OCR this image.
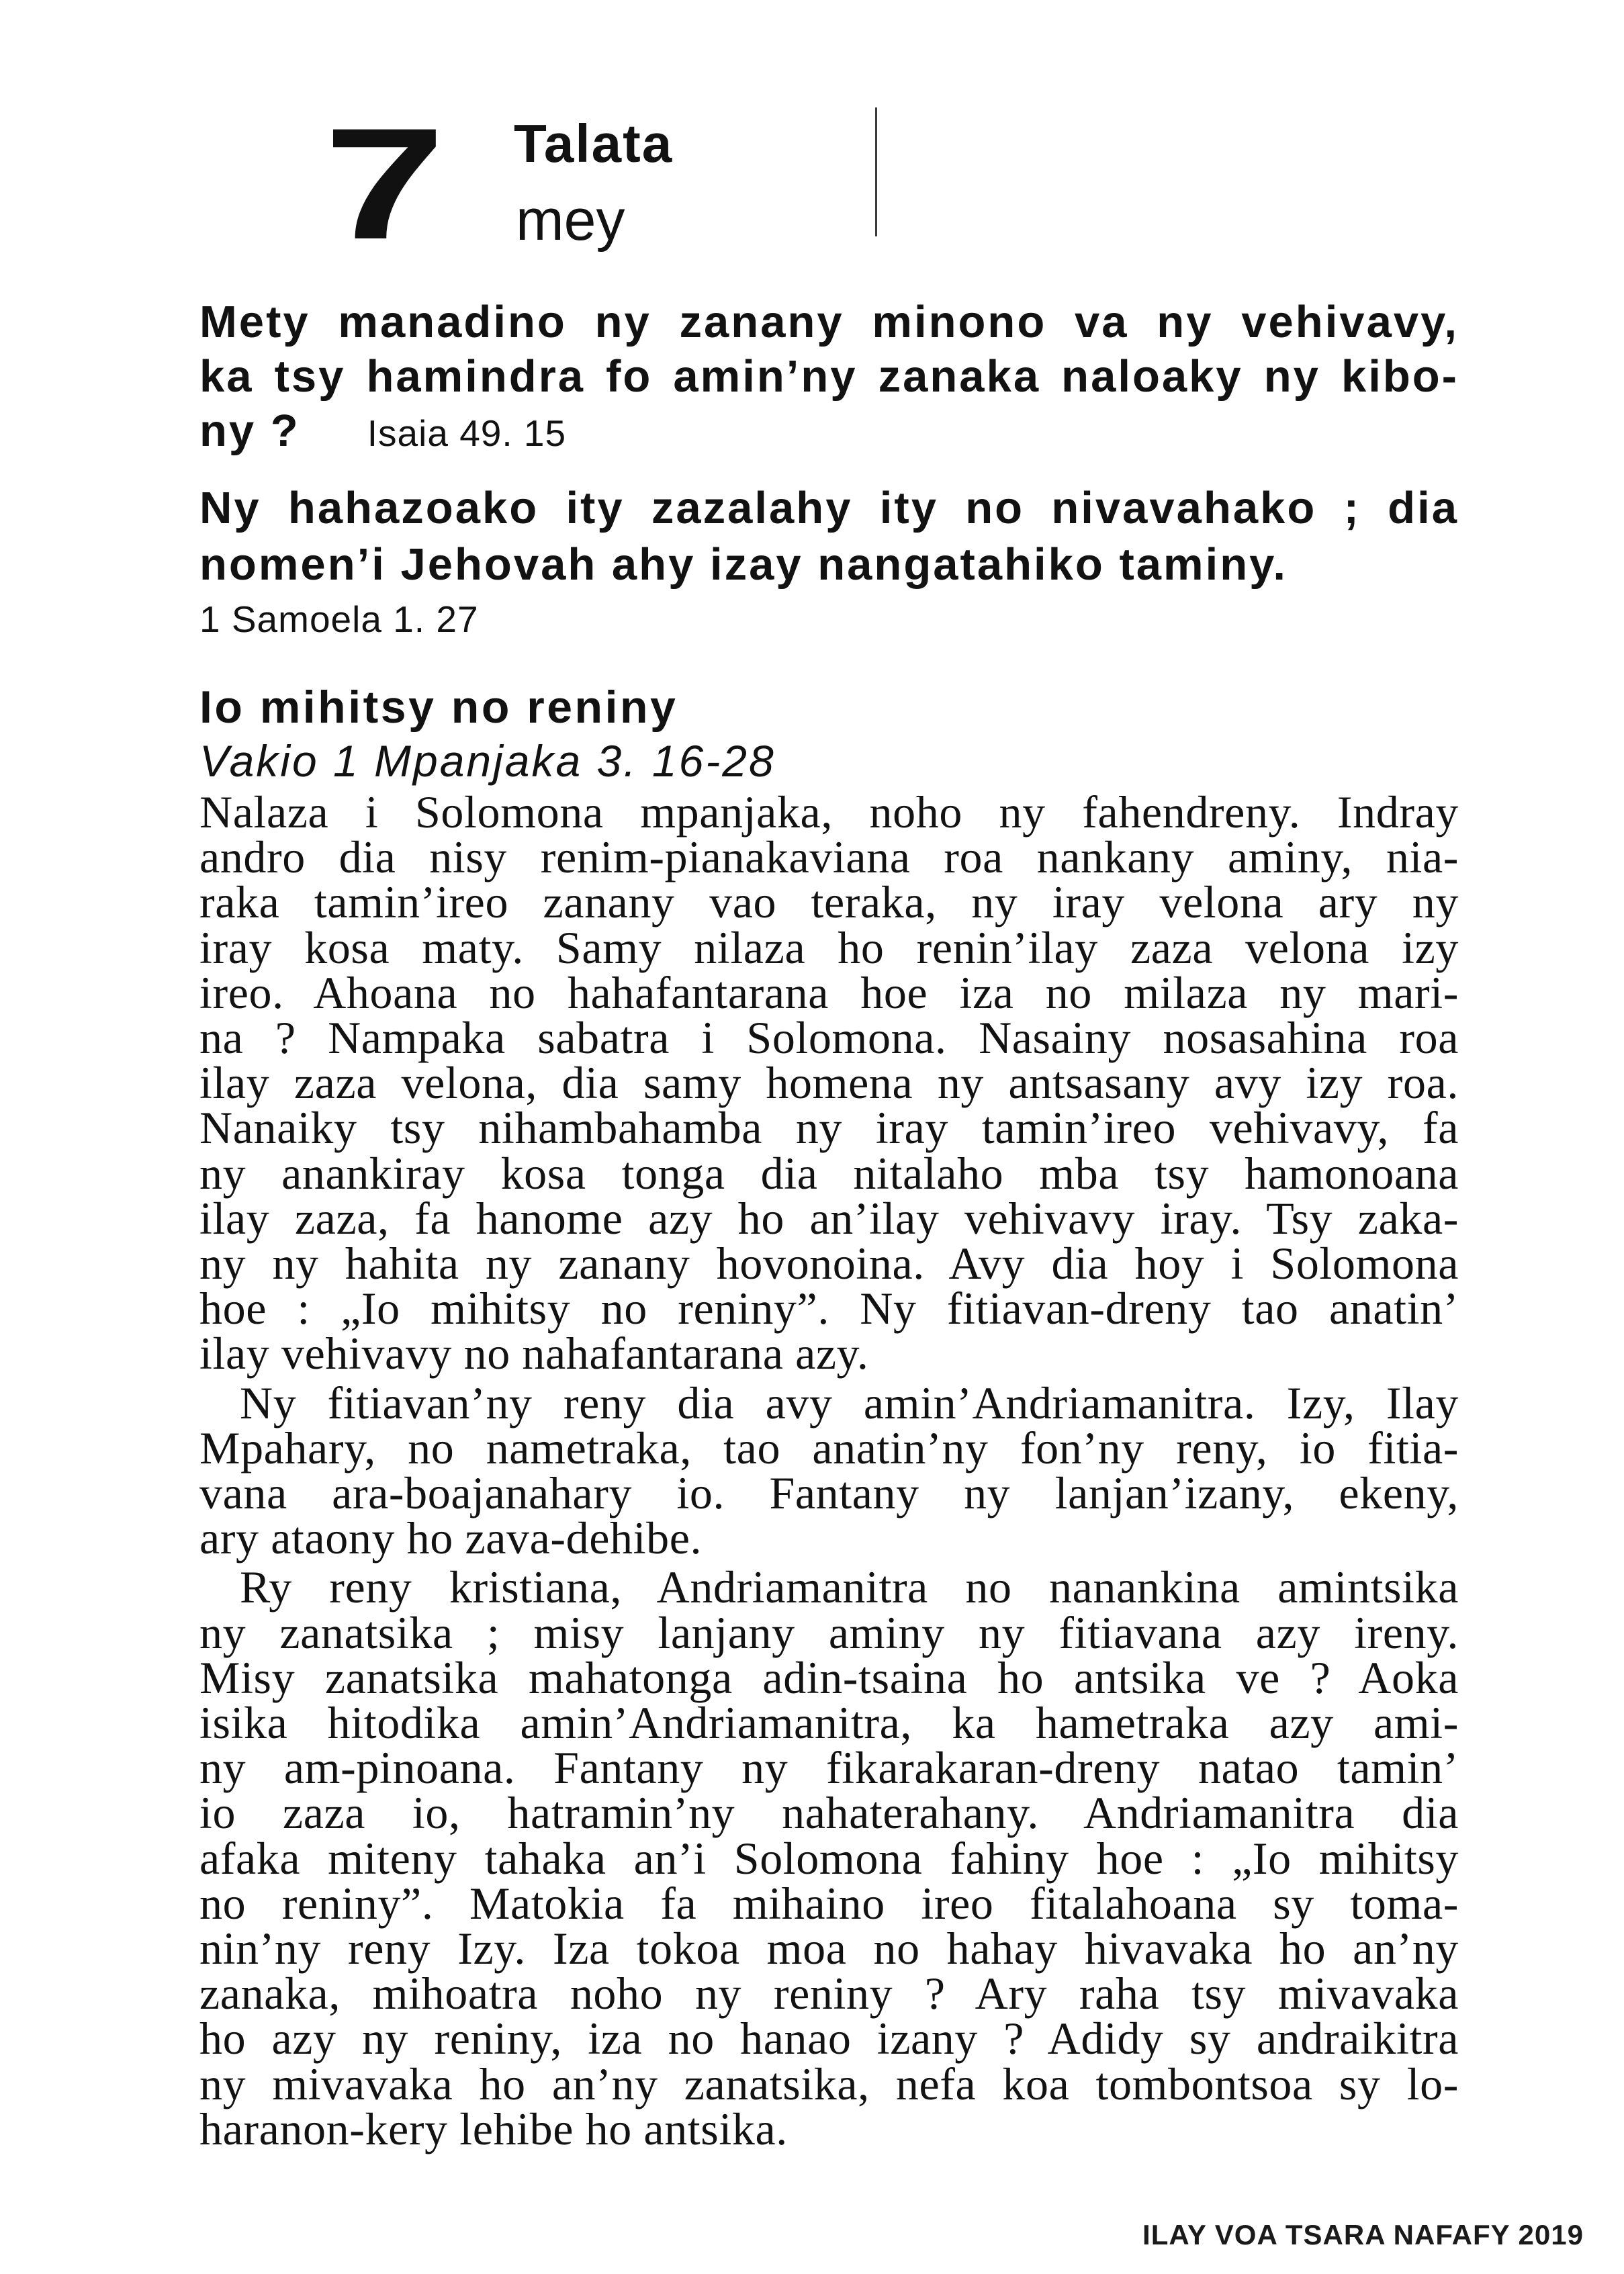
7 Talata
mey
Mety manadino ny zanany minono va ny vehivavy,
ka tsy hamindra fo amin’ny zanaka naloaky ny kibo-
ny ? Isaia 49. 15
Ny hahazoako ity zazalahy ity no nivavahako ; dia
nomen’i Jehovah ahy izay nangatahiko taminy.
1 Samoela 1. 27
Io mihitsy no reniny
Vakio 1 Mpanjaka 3. 16-28
Nalaza i Solomona mpanjaka, noho ny fahendreny. Indray
andro dia nisy renim-pianakaviana roa nankany aminy, nia-
raka tamin’ireo zanany vao teraka, ny iray velona ary ny
iray kosa maty. Samy nilaza ho renin’ilay zaza velona izy
ireo. Ahoana no hahafantarana hoe iza no milaza ny mari-
na ? Nampaka sabatra i Solomona. Nasainy nosasahina roa
ilay zaza velona, dia samy homena ny antsasany avy izy roa.
Nanaiky tsy nihambahamba ny iray tamin’ireo vehivavy, fa
ny anankiray kosa tonga dia nitalaho mba tsy hamonoana
ilay zaza, fa hanome azy ho an’ilay vehivavy iray. Tsy zaka-
ny ny hahita ny zanany hovonoina. Avy dia hoy i Solomona
hoe : „Io mihitsy no reniny”. Ny fitiavan-dreny tao anatin’
ilay vehivavy no nahafantarana azy.
Ny fitiavan’ny reny dia avy amin’Andriamanitra. Izy, Ilay
Mpahary, no nametraka, tao anatin’ny fon’ny reny, io fitia-
vana ara-boajanahary io. Fantany ny lanjan’izany, ekeny,
ary ataony ho zava-dehibe.
Ry reny kristiana, Andriamanitra no nanankina amintsika
ny zanatsika ; misy lanjany aminy ny fitiavana azy ireny.
Misy zanatsika mahatonga adin-tsaina ho antsika ve ? Aoka
isika hitodika amin’Andriamanitra, ka hametraka azy ami-
ny am-pinoana. Fantany ny fikarakaran-dreny natao tamin’
io zaza io, hatramin’ny nahaterahany. Andriamanitra dia
afaka miteny tahaka an’i Solomona fahiny hoe : „Io mihitsy
no reniny”. Matokia fa mihaino ireo fitalahoana sy toma-
nin’ny reny Izy. Iza tokoa moa no hahay hivavaka ho an’ny
zanaka, mihoatra noho ny reniny ? Ary raha tsy mivavaka
ho azy ny reniny, iza no hanao izany ? Adidy sy andraikitra
ny mivavaka ho an’ny zanatsika, nefa koa tombontsoa sy lo-
haranon-kery lehibe ho antsika.
ILAY VOA TSARA NAFAFY 2019
